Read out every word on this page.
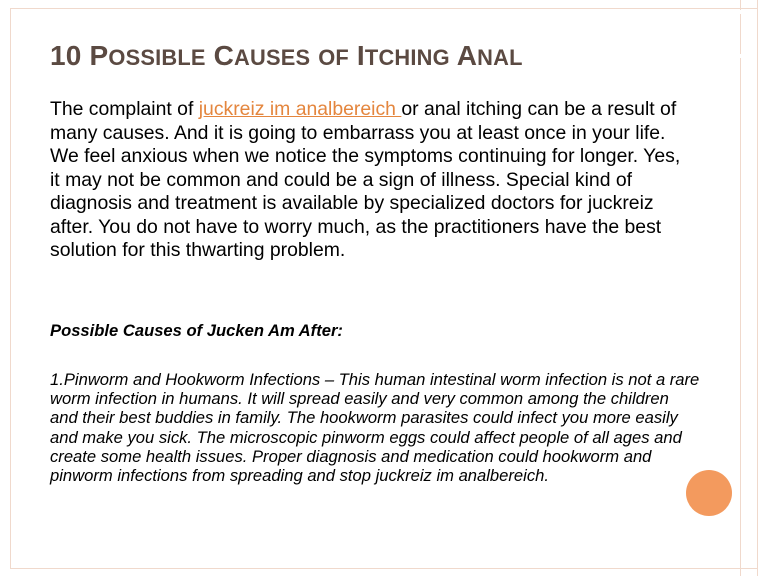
10 POSSIBLE CAUSES OF ITCHING ANAL
The complaint of juckreiz im analbereich or anal itching can be a result of many causes. And it is going to embarrass you at least once in your life. We feel anxious when we notice the symptoms continuing for longer. Yes, it may not be common and could be a sign of illness. Special kind of diagnosis and treatment is available by specialized doctors for juckreiz after. You do not have to worry much, as the practitioners have the best solution for this thwarting problem.
Possible Causes of Jucken Am After:
1.Pinworm and Hookworm Infections – This human intestinal worm infection is not a rare worm infection in humans. It will spread easily and very common among the children and their best buddies in family. The hookworm parasites could infect you more easily and make you sick. The microscopic pinworm eggs could affect people of all ages and create some health issues. Proper diagnosis and medication could hookworm and pinworm infections from spreading and stop juckreiz im analbereich.
